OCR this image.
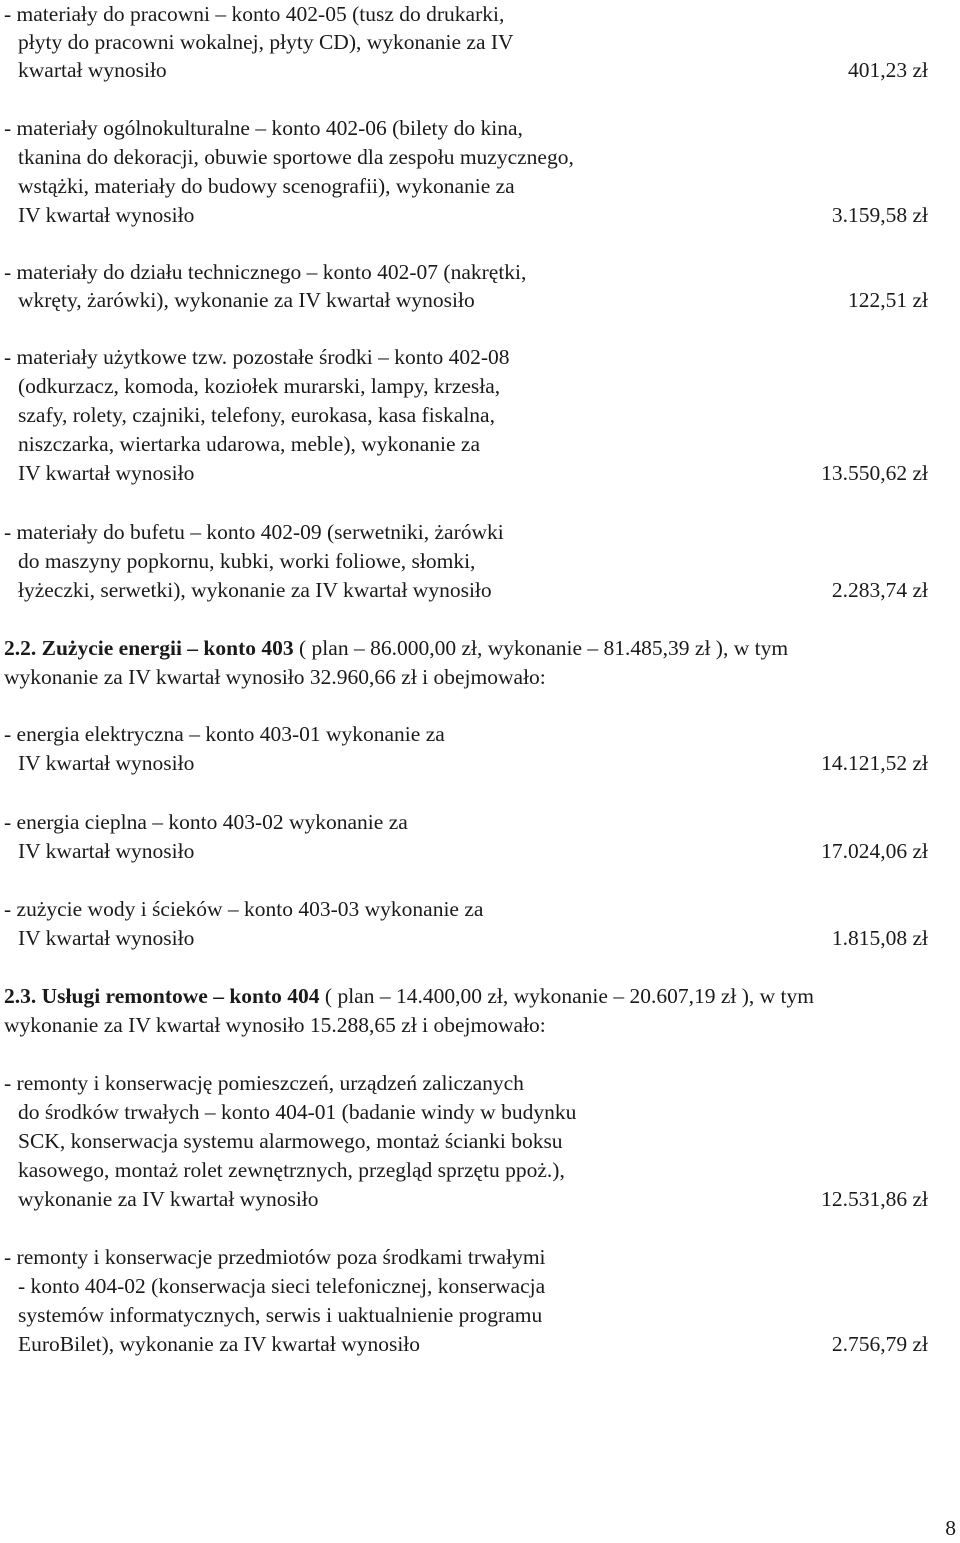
- materiały do pracowni – konto 402-05 (tusz do drukarki,
płyty do pracowni wokalnej, płyty CD), wykonanie za IV
kwartał wynosiło	401,23 zł
- materiały ogólnokulturalne – konto 402-06 (bilety do kina,
tkanina do dekoracji, obuwie sportowe dla zespołu muzycznego,
wstążki, materiały do budowy scenografii), wykonanie za
IV kwartał wynosiło	3.159,58 zł
- materiały do działu technicznego – konto 402-07 (nakrętki,
wkręty, żarówki), wykonanie za IV kwartał wynosiło	122,51 zł
- materiały użytkowe tzw. pozostałe środki – konto 402-08
(odkurzacz, komoda, koziołek murarski, lampy, krzesła,
szafy, rolety, czajniki, telefony, eurokasa, kasa fiskalna,
niszczarka, wiertarka udarowa, meble), wykonanie za
IV kwartał wynosiło	13.550,62 zł
- materiały do bufetu – konto 402-09 (serwetniki, żarówki
do maszyny popkornu, kubki, worki foliowe, słomki,
łyżeczki, serwetki), wykonanie za IV kwartał wynosiło	2.283,74 zł
2.2. Zużycie energii – konto 403 ( plan – 86.000,00 zł, wykonanie – 81.485,39 zł ), w tym
wykonanie za IV kwartał wynosiło 32.960,66 zł i obejmowało:
- energia elektryczna – konto 403-01 wykonanie za
IV kwartał wynosiło	14.121,52 zł
- energia cieplna – konto 403-02 wykonanie za
IV kwartał wynosiło	17.024,06 zł
- zużycie wody i ścieków – konto 403-03 wykonanie za
IV kwartał wynosiło	1.815,08 zł
2.3. Usługi remontowe – konto 404 ( plan – 14.400,00 zł, wykonanie – 20.607,19 zł ), w tym
wykonanie za IV kwartał wynosiło 15.288,65 zł i obejmowało:
- remonty i konserwację pomieszczeń, urządzeń zaliczanych
do środków trwałych – konto 404-01 (badanie windy w budynku
SCK, konserwacja systemu alarmowego, montaż ścianki boksu
kasowego, montaż rolet zewnętrznych, przegląd sprzętu ppoż.),
wykonanie za IV kwartał wynosiło	12.531,86 zł
- remonty i konserwacje przedmiotów poza środkami trwałymi
- konto 404-02 (konserwacja sieci telefonicznej, konserwacja
systemów informatycznych, serwis i uaktualnienie programu
EuroBilet), wykonanie za IV kwartał wynosiło	2.756,79 zł
8
